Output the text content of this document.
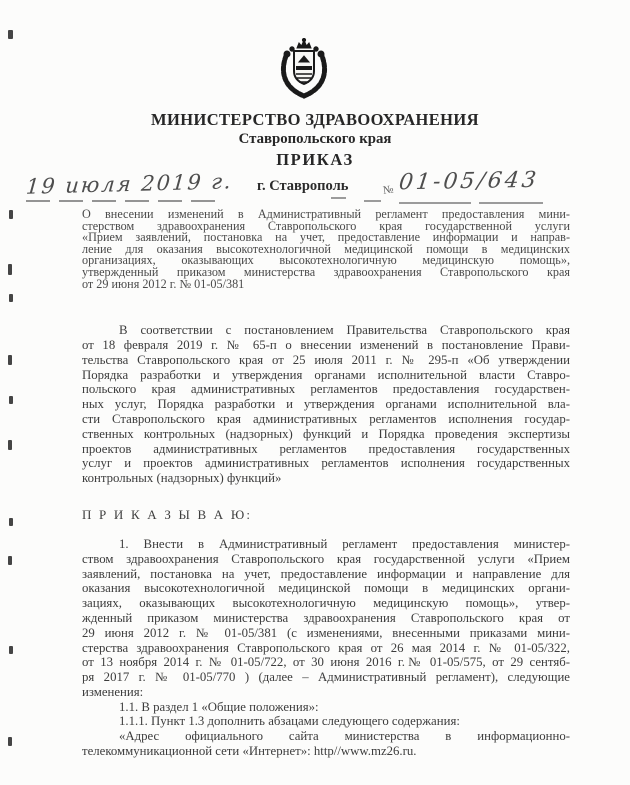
МИНИСТЕРСТВО ЗДРАВООХРАНЕНИЯ
Ставропольского края
ПРИКАЗ
19 июля 2019 г. г. Ставрополь	№ 01-05/643
О внесении изменений в Административный регламент предоставления мини-
стерством здравоохранения Ставропольского края государственной услуги
«Прием заявлений, постановка на учет, предоставление информации и направ-
ление для оказания высокотехнологичной медицинской помощи в медицинских
организациях, оказывающих высокотехнологичную медицинскую помощь»,
утвержденный приказом министерства здравоохранения Ставропольского края
от 29 июня 2012 г. № 01-05/381
В соответствии с постановлением Правительства Ставропольского края
от 18 февраля 2019 г. № 65-п о внесении изменений в постановление Прави-
тельства Ставропольского края от 25 июля 2011 г. № 295-п «Об утверждении
Порядка разработки и утверждения органами исполнительной власти Ставро-
польского края административных регламентов предоставления государствен-
ных услуг, Порядка разработки и утверждения органами исполнительной вла-
сти Ставропольского края административных регламентов исполнения государ-
ственных контрольных (надзорных) функций и Порядка проведения экспертизы
проектов административных регламентов предоставления государственных
услуг и проектов административных регламентов исполнения государственных
контрольных (надзорных) функций»
П Р И К А З Ы В А Ю:
1. Внести в Административный регламент предоставления министер-
ством здравоохранения Ставропольского края государственной услуги «Прием
заявлений, постановка на учет, предоставление информации и направление для
оказания высокотехнологичной медицинской помощи в медицинских органи-
зациях, оказывающих высокотехнологичную медицинскую помощь», утвер-
жденный приказом министерства здравоохранения Ставропольского края от
29 июня 2012 г. № 01-05/381 (с изменениями, внесенными приказами мини-
стерства здравоохранения Ставропольского края от 26 мая 2014 г. № 01-05/322,
от 13 ноября 2014 г. № 01-05/722, от 30 июня 2016 г.№ 01-05/575, от 29 сентяб-
ря 2017 г. № 01-05/770 ) (далее – Административный регламент), следующие
изменения:
1.1. В раздел 1 «Общие положения»:
1.1.1. Пункт 1.3 дополнить абзацами следующего содержания:
«Адрес официального сайта министерства в информационно-
телекоммуникационной сети «Интернет»: http//www.mz26.ru.
